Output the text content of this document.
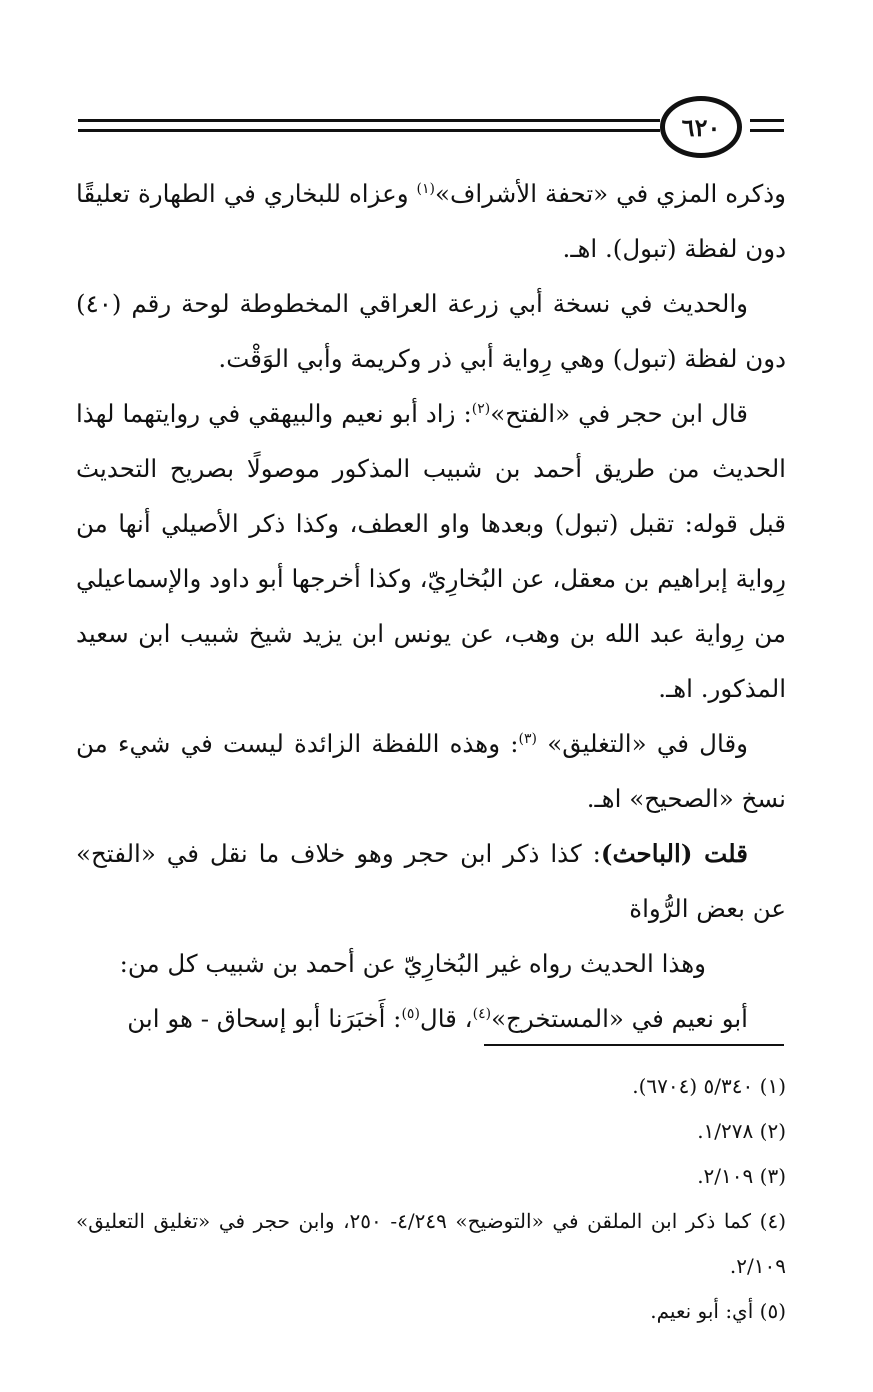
٦٢٠

وذكره المزي في «تحفة الأشراف»$^{(١)}$ وعزاه للبخاري في الطهارة تعليقًا دون لفظة (تبول). اهـ.

والحديث في نسخة أبي زرعة العراقي المخطوطة لوحة رقم (٤٠) دون لفظة (تبول) وهي رِواية أبي ذر وكريمة وأبي الوَقْت.

قال ابن حجر في «الفتح»$^{(٢)}$: زاد أبو نعيم والبيهقي في روايتهما لهذا الحديث من طريق أحمد بن شبيب المذكور موصولًا بصريح التحديث قبل قوله: تقبل (تبول) وبعدها واو العطف، وكذا ذكر الأصيلي أنها من رِواية إبراهيم بن معقل، عن البُخارِيّ، وكذا أخرجها أبو داود والإسماعيلي من رِواية عبد الله بن وهب، عن يونس ابن يزيد شيخ شبيب ابن سعيد المذكور. اهـ.

وقال في «التغليق» $^{(٣)}$: وهذه اللفظة الزائدة ليست في شيء من نسخ «الصحيح» اهـ.

قلت (الباحث): كذا ذكر ابن حجر وهو خلاف ما نقل في «الفتح» عن بعض الرُّواة

وهذا الحديث رواه غير البُخارِيّ عن أحمد بن شبيب كل من:

أبو نعيم في «المستخرج»$^{(٤)}$، قال$^{(٥)}$: أَخبَرَنا أبو إسحاق - هو ابن

(١) ٥/٣٤٠ (٦٧٠٤).

(٢) ١/٢٧٨.

(٣) ٢/١٠٩.

(٤) كما ذكر ابن الملقن في «التوضيح» ٤/٢٤٩- ٢٥٠، وابن حجر في «تغليق التعليق» ٢/١٠٩.

(٥) أي: أبو نعيم.
